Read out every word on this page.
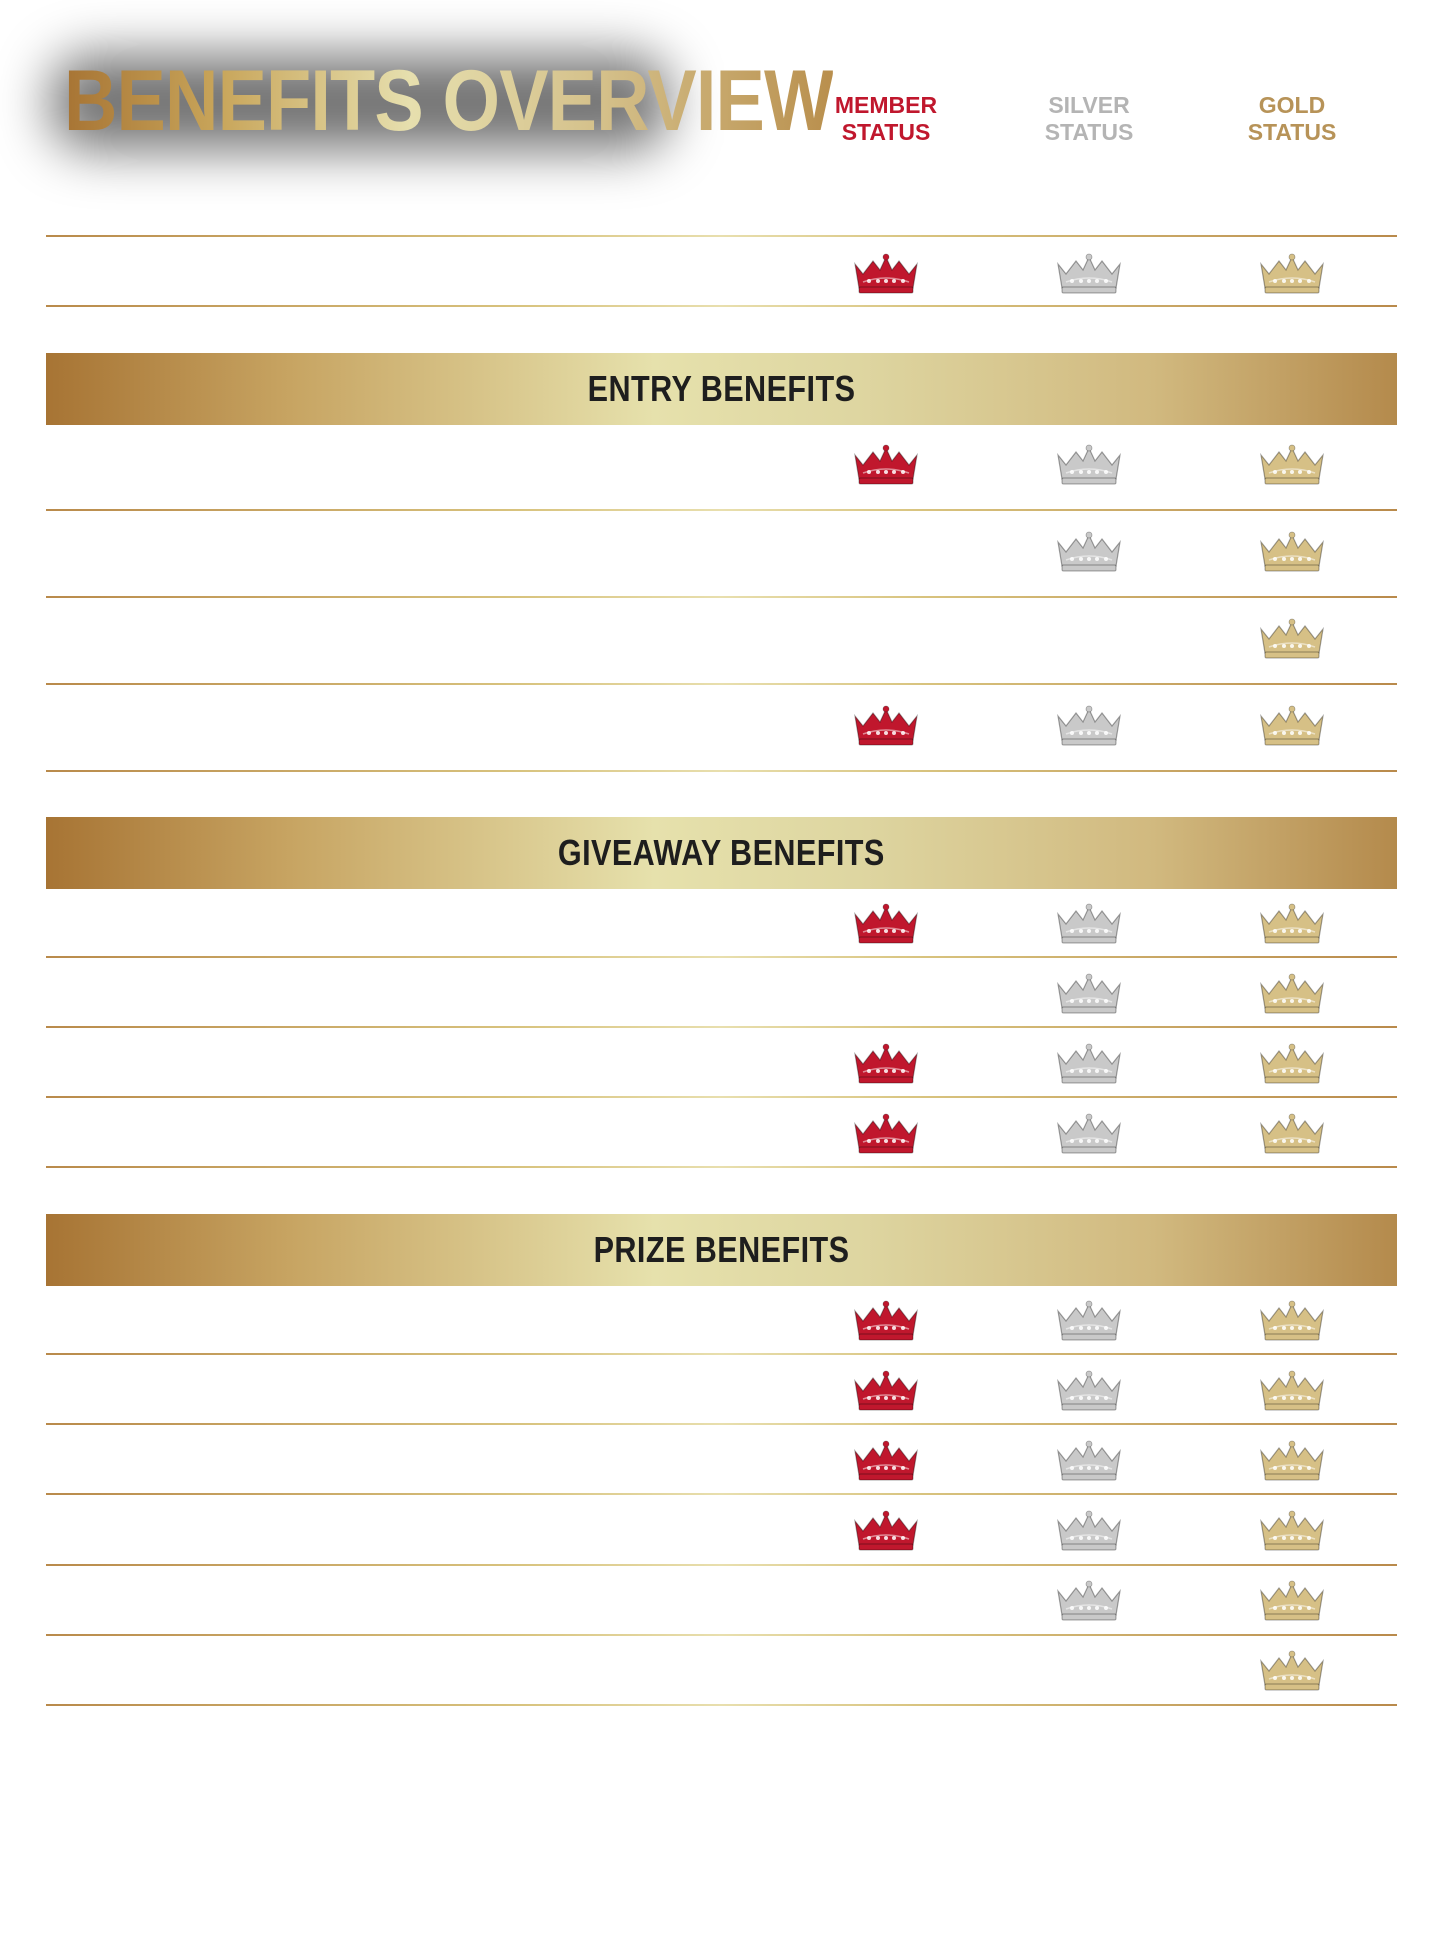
BENEFITS OVERVIEW MEMBER
STATUS
SILVER
STATUS
GOLD
STATUS
ENTRY BENEFITS
GIVEAWAY BENEFITS
PRIZE BENEFITS
